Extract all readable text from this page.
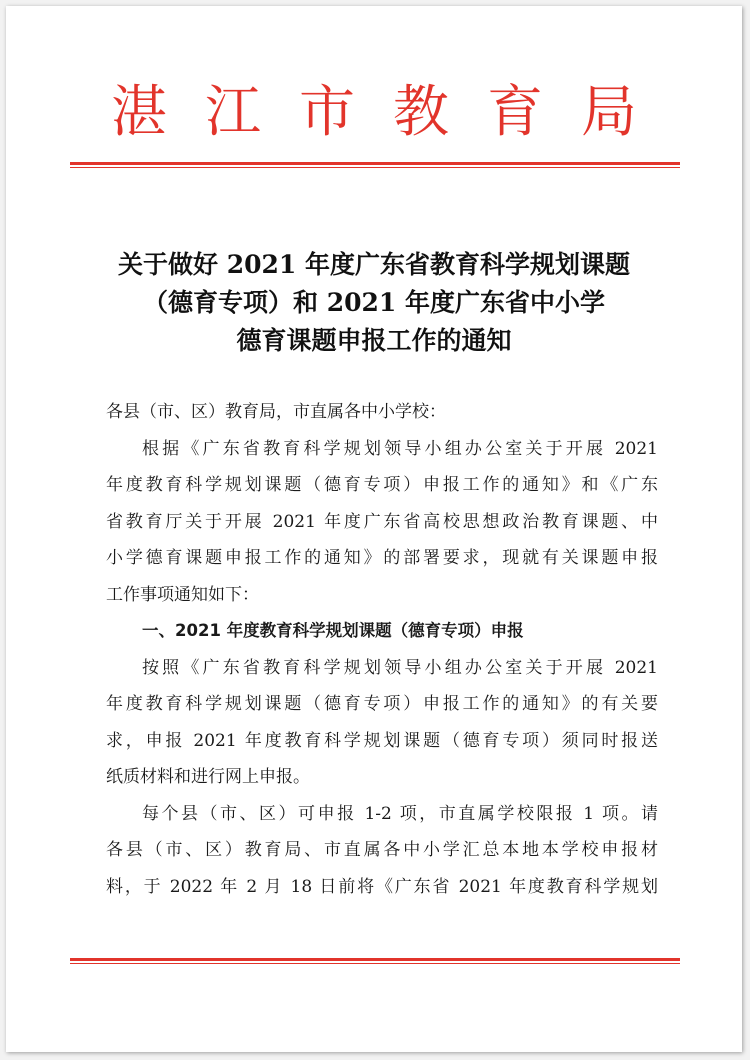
湛江市教育局
关于做好 2021 年度广东省教育科学规划课题
（德育专项）和 2021 年度广东省中小学
德育课题申报工作的通知
各县（市、区）教育局，市直属各中小学校：
根据《广东省教育科学规划领导小组办公室关于开展 2021
年度教育科学规划课题（德育专项）申报工作的通知》和《广东
省教育厅关于开展 2021 年度广东省高校思想政治教育课题、中
小学德育课题申报工作的通知》的部署要求，现就有关课题申报
工作事项通知如下：
一、2021 年度教育科学规划课题（德育专项）申报
按照《广东省教育科学规划领导小组办公室关于开展 2021
年度教育科学规划课题（德育专项）申报工作的通知》的有关要
求，申报 2021 年度教育科学规划课题（德育专项）须同时报送
纸质材料和进行网上申报。
每个县（市、区）可申报 1-2 项，市直属学校限报 1 项。请
各县（市、区）教育局、市直属各中小学汇总本地本学校申报材
料，于 2022 年 2 月 18 日前将《广东省 2021 年度教育科学规划
